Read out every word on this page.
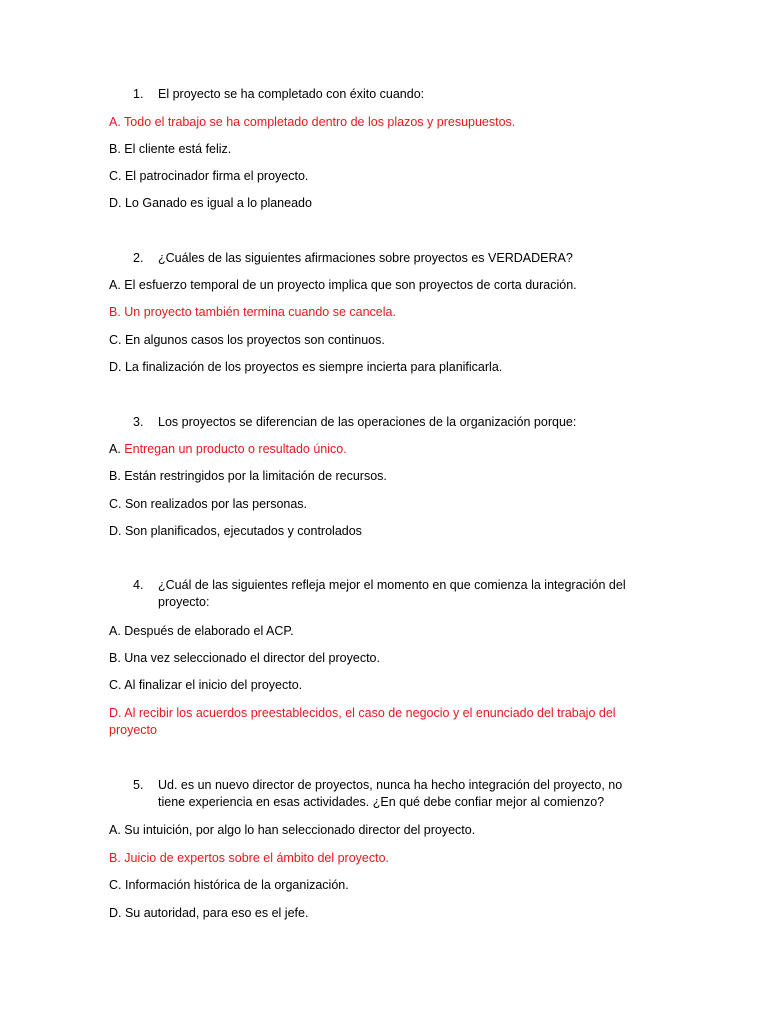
1. El proyecto se ha completado con éxito cuando:
A. Todo el trabajo se ha completado dentro de los plazos y presupuestos.
B. El cliente está feliz.
C. El patrocinador firma el proyecto.
D. Lo Ganado es igual a lo planeado
2. ¿Cuáles de las siguientes afirmaciones sobre proyectos es VERDADERA?
A. El esfuerzo temporal de un proyecto implica que son proyectos de corta duración.
B. Un proyecto también termina cuando se cancela.
C. En algunos casos los proyectos son continuos.
D. La finalización de los proyectos es siempre incierta para planificarla.
3. Los proyectos se diferencian de las operaciones de la organización porque:
A. Entregan un producto o resultado único.
B. Están restringidos por la limitación de recursos.
C. Son realizados por las personas.
D. Son planificados, ejecutados y controlados
4. ¿Cuál de las siguientes refleja mejor el momento en que comienza la integración del proyecto:
A. Después de elaborado el ACP.
B. Una vez seleccionado el director del proyecto.
C. Al finalizar el inicio del proyecto.
D. Al recibir los acuerdos preestablecidos, el caso de negocio y el enunciado del trabajo del proyecto
5. Ud. es un nuevo director de proyectos, nunca ha hecho integración del proyecto, no tiene experiencia en esas actividades. ¿En qué debe confiar mejor al comienzo?
A. Su intuición, por algo lo han seleccionado director del proyecto.
B. Juicio de expertos sobre el ámbito del proyecto.
C. Información histórica de la organización.
D. Su autoridad, para eso es el jefe.
